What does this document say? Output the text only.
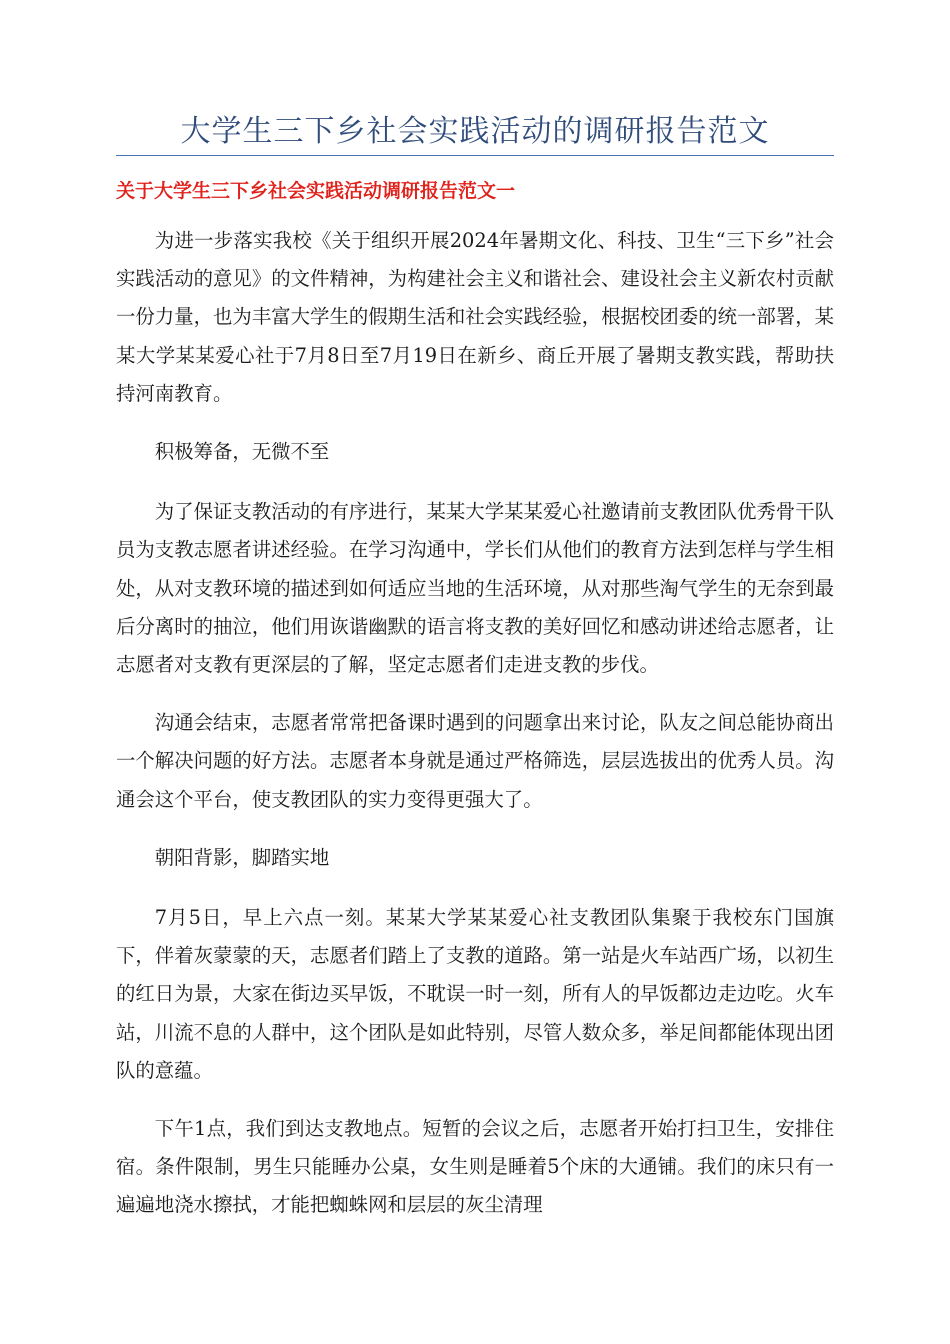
大学生三下乡社会实践活动的调研报告范文
关于大学生三下乡社会实践活动调研报告范文一

为进一步落实我校《关于组织开展2024年暑期文化、科技、卫生“三下乡”社会实践活动的意见》的文件精神，为构建社会主义和谐社会、建设社会主义新农村贡献一份力量，也为丰富大学生的假期生活和社会实践经验，根据校团委的统一部署，某某大学某某爱心社于7月8日至7月19日在新乡、商丘开展了暑期支教实践，帮助扶持河南教育。

积极筹备，无微不至

为了保证支教活动的有序进行，某某大学某某爱心社邀请前支教团队优秀骨干队员为支教志愿者讲述经验。在学习沟通中，学长们从他们的教育方法到怎样与学生相处，从对支教环境的描述到如何适应当地的生活环境，从对那些淘气学生的无奈到最后分离时的抽泣，他们用诙谐幽默的语言将支教的美好回忆和感动讲述给志愿者，让志愿者对支教有更深层的了解，坚定志愿者们走进支教的步伐。

沟通会结束，志愿者常常把备课时遇到的问题拿出来讨论，队友之间总能协商出一个解决问题的好方法。志愿者本身就是通过严格筛选，层层选拔出的优秀人员。沟通会这个平台，使支教团队的实力变得更强大了。

朝阳背影，脚踏实地

7月5日，早上六点一刻。某某大学某某爱心社支教团队集聚于我校东门国旗下，伴着灰蒙蒙的天，志愿者们踏上了支教的道路。第一站是火车站西广场，以初生的红日为景，大家在街边买早饭，不耽误一时一刻，所有人的早饭都边走边吃。火车站，川流不息的人群中，这个团队是如此特别，尽管人数众多，举足间都能体现出团队的意蕴。

下午1点，我们到达支教地点。短暂的会议之后，志愿者开始打扫卫生，安排住宿。条件限制，男生只能睡办公桌，女生则是睡着5个床的大通铺。我们的床只有一遍遍地浇水擦拭，才能把蜘蛛网和层层的灰尘清理
